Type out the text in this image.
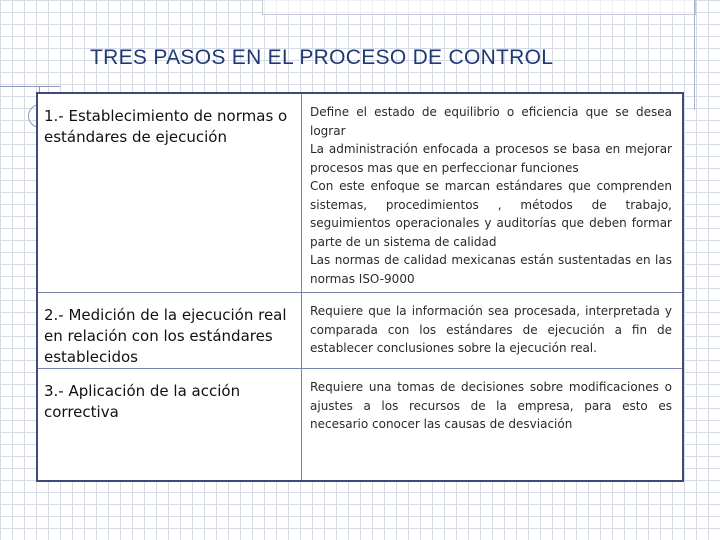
TRES PASOS EN EL PROCESO DE CONTROL
1.- Establecimiento de normas o estándares de ejecución

Define el estado de equilibrio o eficiencia que se desea lograr

La administración enfocada a procesos se basa en mejorar procesos mas que en perfeccionar funciones

Con este enfoque se marcan estándares que comprenden sistemas, procedimientos , métodos de trabajo, seguimientos operacionales y auditorías que deben formar parte de un sistema de calidad

Las normas de calidad mexicanas están sustentadas en las normas ISO-9000

2.- Medición de la ejecución real en relación con los estándares establecidos

Requiere que la información sea procesada, interpretada y comparada con los estándares de ejecución a fin de establecer conclusiones sobre la ejecución real.

3.- Aplicación de la acción correctiva

Requiere una tomas de decisiones sobre modificaciones o ajustes a los recursos de la empresa, para esto es necesario conocer las causas de desviación
